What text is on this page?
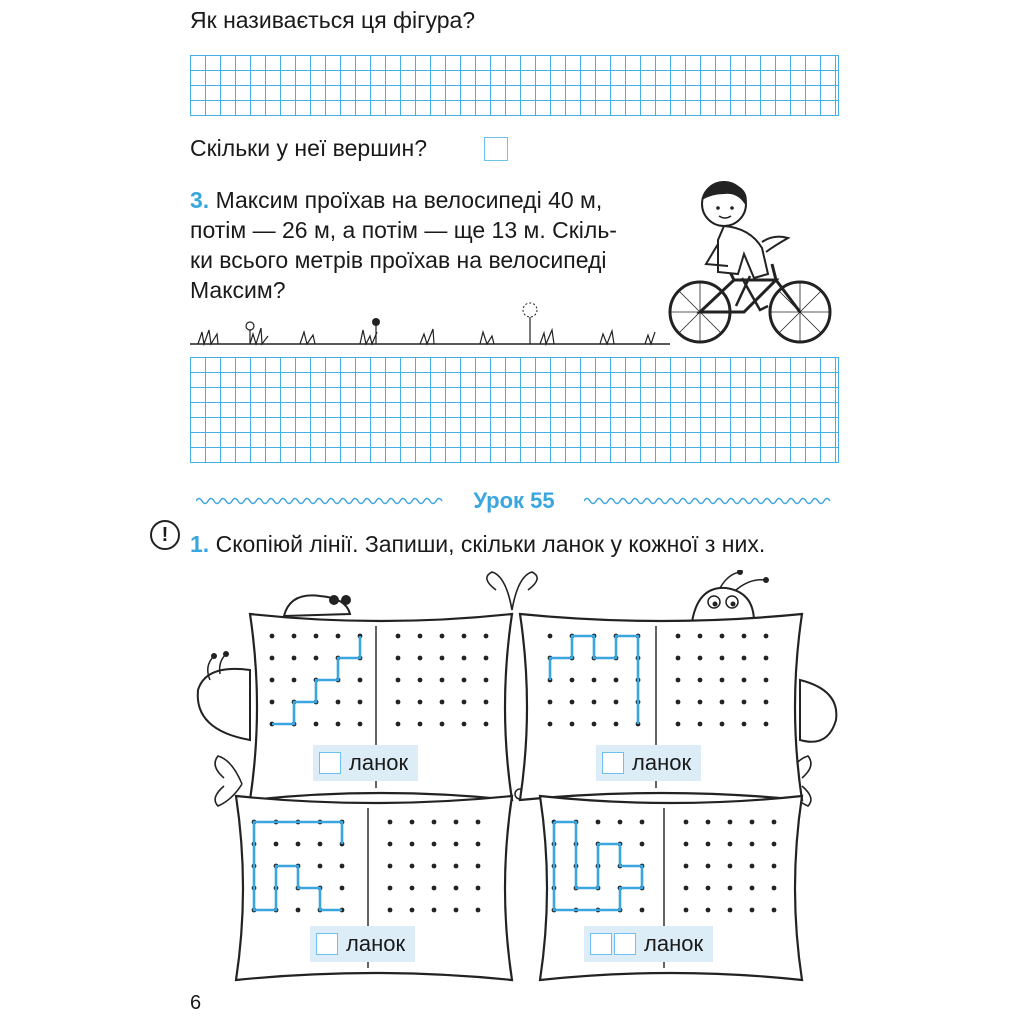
Як називається ця фігура?
Скільки у неї вершин?
3. Максим проїхав на велосипеді 40 м,
потім — 26 м, а потім — ще 13 м. Скіль-
ки всього метрів проїхав на велосипеді
Максим?
Урок 55
! 1. Скопіюй лінії. Запиши, скільки ланок у кожної з них.
ланок	ланок
ланок	ланок
6
